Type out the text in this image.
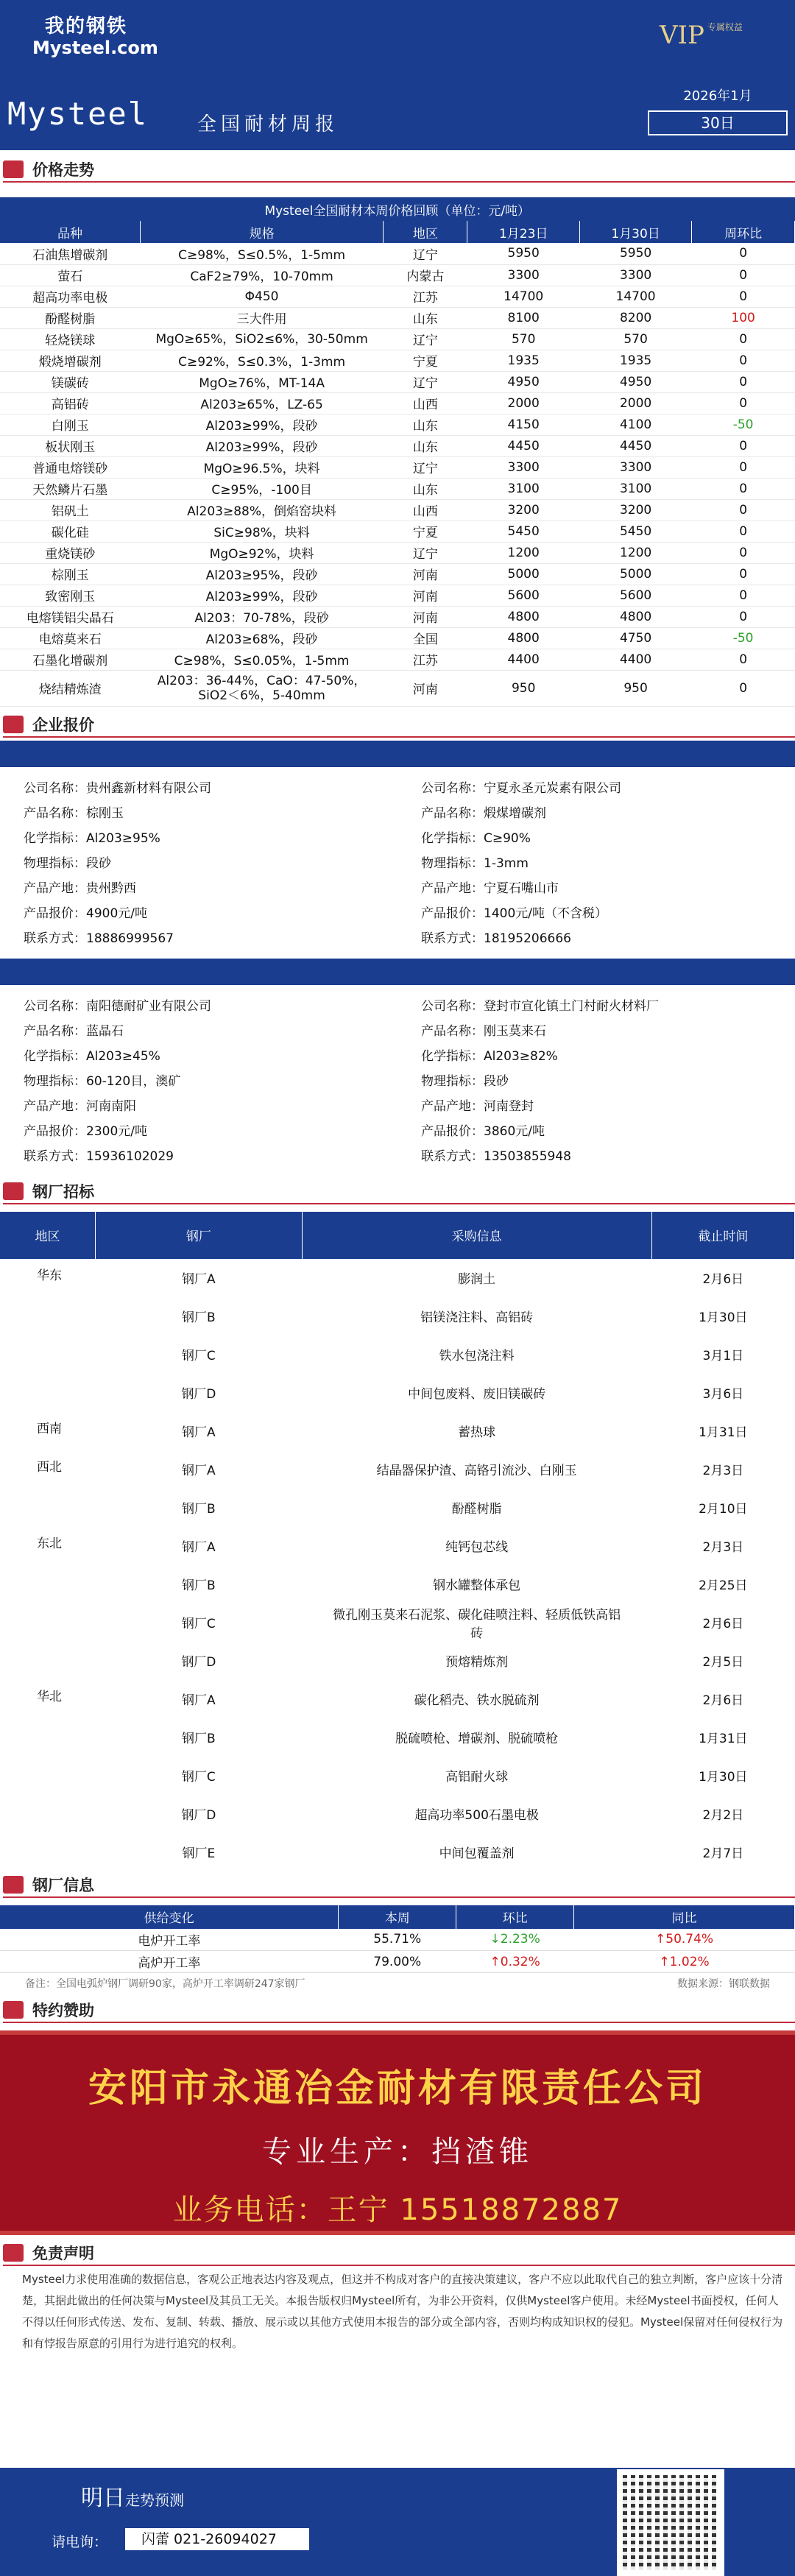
我的钢铁
Mysteel.com	VIP $^{专属权益}$
Mysteel	全国耐材周报
2026年1月
30日
价格走势
Mysteel全国耐材本周价格回顾（单位：元/吨）					
品种	规格	地区	1月23日	1月30日	周环比
石油焦增碳剂	C≥98%，S≤0.5%，1-5mm	辽宁	5950	5950	0
萤石	CaF2≥79%，10-70mm	内蒙古	3300	3300	0
超高功率电极	Φ450	江苏	14700	14700	0
酚醛树脂	三大件用	山东	8100	8200	100
轻烧镁球	MgO≥65%，SiO2≤6%，30-50mm	辽宁	570	570	0
煅烧增碳剂	C≥92%，S≤0.3%，1-3mm	宁夏	1935	1935	0
镁碳砖	MgO≥76%，MT-14A	辽宁	4950	4950	0
高铝砖	Al203≥65%，LZ-65	山西	2000	2000	0
白刚玉	Al203≥99%，段砂	山东	4150	4100	-50
板状刚玉	Al203≥99%，段砂	山东	4450	4450	0
普通电熔镁砂	MgO≥96.5%，块料	辽宁	3300	3300	0
天然鳞片石墨	C≥95%，-100目	山东	3100	3100	0
铝矾土	Al203≥88%，倒焰窑块料	山西	3200	3200	0
碳化硅	SiC≥98%，块料	宁夏	5450	5450	0
重烧镁砂	MgO≥92%，块料	辽宁	1200	1200	0
棕刚玉	Al203≥95%，段砂	河南	5000	5000	0
致密刚玉	Al203≥99%，段砂	河南	5600	5600	0
电熔镁铝尖晶石	Al203：70-78%，段砂	河南	4800	4800	0
电熔莫来石	Al203≥68%，段砂	全国	4800	4750	-50
石墨化增碳剂	C≥98%，S≤0.05%，1-5mm	江苏	4400	4400	0
烧结精炼渣	Al203：36-44%，CaO：47-50%，SiO2＜6%，5-40mm	河南	950	950	0
企业报价
公司名称：贵州鑫新材料有限公司
产品名称：棕刚玉
化学指标：Al203≥95%
物理指标：段砂
产品产地：贵州黔西
产品报价：4900元/吨
联系方式：18886999567
公司名称：宁夏永圣元炭素有限公司
产品名称：煅煤增碳剂
化学指标：C≥90%
物理指标：1-3mm
产品产地：宁夏石嘴山市
产品报价：1400元/吨（不含税）
联系方式：18195206666
公司名称：南阳德耐矿业有限公司
产品名称：蓝晶石
化学指标：Al203≥45%
物理指标：60-120目，澳矿
产品产地：河南南阳
产品报价：2300元/吨
联系方式：15936102029
公司名称：登封市宣化镇土门村耐火材料厂
产品名称：刚玉莫来石
化学指标：Al203≥82%
物理指标：段砂
产品产地：河南登封
产品报价：3860元/吨
联系方式：13503855948
钢厂招标
地区	钢厂	采购信息	截止时间
华东	钢厂A	膨润土	2月6日
	钢厂B	铝镁浇注料、高铝砖	1月30日
	钢厂C	铁水包浇注料	3月1日
	钢厂D	中间包废料、废旧镁碳砖	3月6日
西南	钢厂A	蓄热球	1月31日
西北	钢厂A	结晶器保护渣、高铬引流沙、白刚玉	2月3日
	钢厂B	酚醛树脂	2月10日
东北	钢厂A	纯钙包芯线	2月3日
	钢厂B	钢水罐整体承包	2月25日
	钢厂C	微孔刚玉莫来石泥浆、碳化硅喷注料、轻质低铁高铝砖	2月6日
	钢厂D	预熔精炼剂	2月5日
华北	钢厂A	碳化稻壳、铁水脱硫剂	2月6日
	钢厂B	脱硫喷枪、增碳剂、脱硫喷枪	1月31日
	钢厂C	高铝耐火球	1月30日
	钢厂D	超高功率500石墨电极	2月2日
	钢厂E	中间包覆盖剂	2月7日
钢厂信息
供给变化	本周	环比	同比
电炉开工率	55.71%	↓2.23%	↑50.74%
高炉开工率	79.00%	↑0.32%	↑1.02%
备注：全国电弧炉钢厂调研90家，高炉开工率调研247家钢厂	数据来源：钢联数据
特约赞助
安阳市永通冶金耐材有限责任公司
专业生产：挡渣锥
业务电话：王宁 15518872887
免责声明
Mysteel力求使用准确的数据信息，客观公正地表达内容及观点，但这并不构成对客户的直接决策建议，客户不应以此取代自己的独立判断，客户应该十分清楚，其据此做出的任何决策与Mysteel及其员工无关。本报告版权归Mysteel所有，为非公开资料，仅供Mysteel客户使用。未经Mysteel书面授权，任何人不得以任何形式传送、发布、复制、转载、播放、展示或以其他方式使用本报告的部分或全部内容，否则均构成知识权的侵犯。Mysteel保留对任何侵权行为和有悖报告原意的引用行为进行追究的权利。
明日走势预测
请电询：	闪蕾 021-26094027
